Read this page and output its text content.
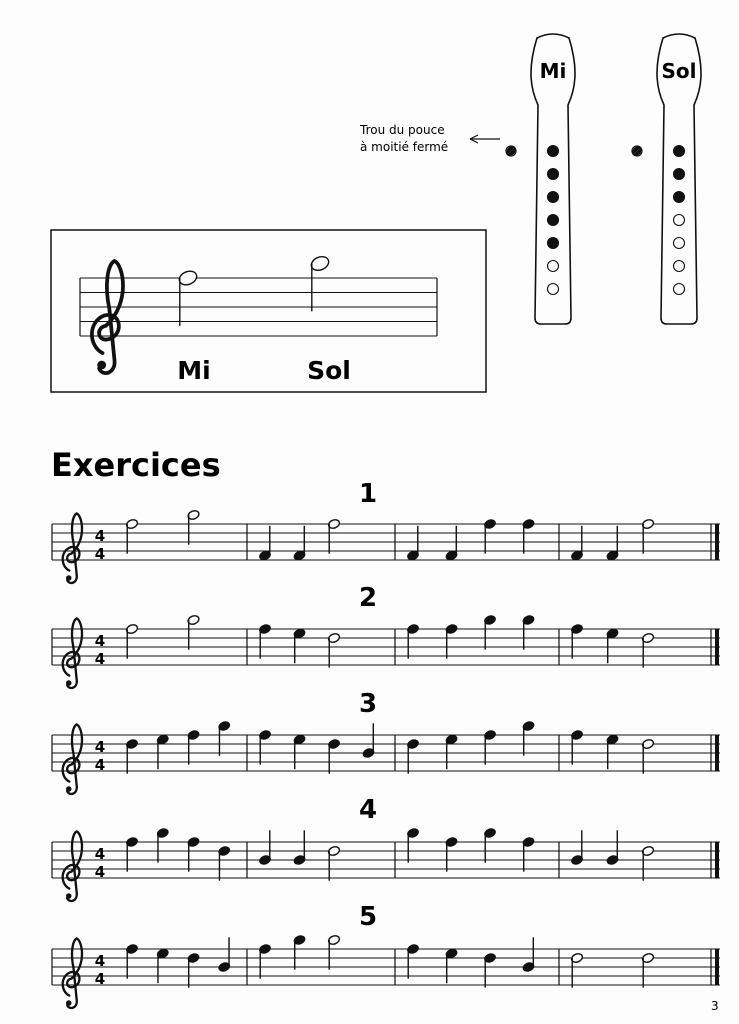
Mi	Sol
Trou du pouce
à moitié fermé
Mi	Sol
Exercices
1
4
4
2
4
4
3
4
4
4
4
4
5
4
4
3
